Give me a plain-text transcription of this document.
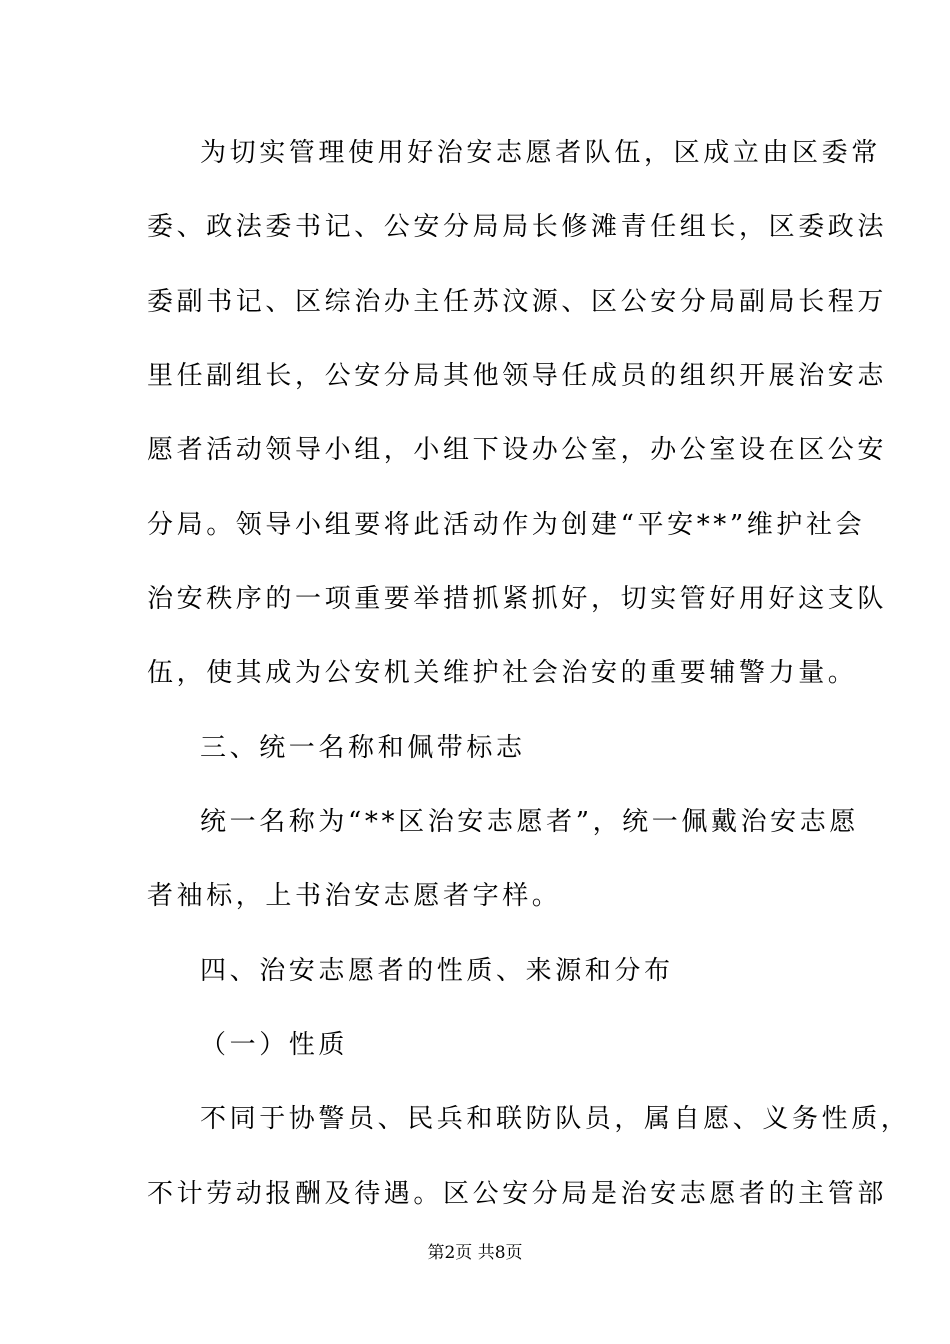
为切实管理使用好治安志愿者队伍，区成立由区委常
委、政法委书记、公安分局局长修滩青任组长，区委政法
委副书记、区综治办主任苏汶源、区公安分局副局长程万
里任副组长，公安分局其他领导任成员的组织开展治安志
愿者活动领导小组，小组下设办公室，办公室设在区公安
分局。领导小组要将此活动作为创建“平安**”维护社会
治安秩序的一项重要举措抓紧抓好，切实管好用好这支队
伍，使其成为公安机关维护社会治安的重要辅警力量。
三、统一名称和佩带标志
统一名称为“**区治安志愿者”，统一佩戴治安志愿
者袖标，上书治安志愿者字样。
四、治安志愿者的性质、来源和分布
（一）性质
不同于协警员、民兵和联防队员，属自愿、义务性质，
不计劳动报酬及待遇。区公安分局是治安志愿者的主管部
第2页 共8页
